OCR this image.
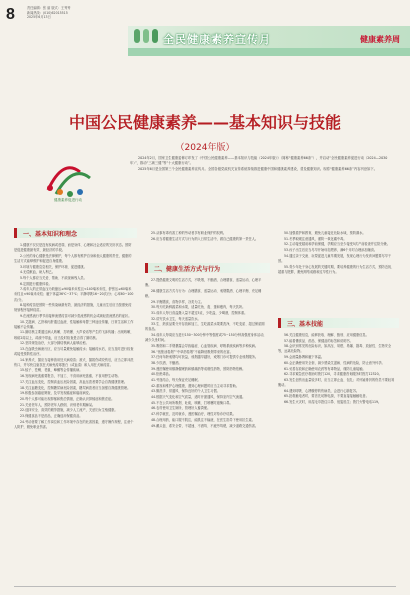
8	责任编辑：张 丽 版式：王秀秀
新闻热线：(010)62015515
2025年6月13日
全民健康素养宣传月	健康素养周
中国公民健康素养——基本知识与技能
（2024年版）
健康素养促进行动

2024年2月，国家卫生健康委修订印发了《中国公民健康素养——基本知识与技能（2024年版）》（简称“健康素养66条”），并启动“全民健康素养促进行动（2024—2030年）”，推动“三减三健”等“十大健康行动”。

2025年6月是全国第三个全民健康素养宣传月。全国各级党政机关宣传系统持续推进健康中国和健康素养建设，普及健康知识。现将“健康素养66条”内容刊登如下。

一、基本知识和理念

1.健康不仅仅是没有疾病或虚弱，而是身体、心理和社会适应的完好状态。预防是促进健康最有效、最经济的手段。

2.公民的身心健康受法律保护，每个人都有维护自身和他人健康的责任，健康的生活方式能够维护和促进自身健康。

3.环境与健康息息相关，保护环境、促进健康。

4.无偿献血，助人利己。

5.每个人都应当关爱、帮助、不歧视病残人员。

6.定期进行健康体检。

7.成年人的正常血压为收缩压≥90毫米汞柱且<140毫米汞柱，舒张压≥60毫米汞柱且<90毫米汞柱；腋下体温36℃~37℃；平静呼吸16~20次/分；心率60~100次/分。

8.接种疫苗是预防一些传染病最有效、最经济的措施，儿童出生后应当按照免疫规划程序接种疫苗。

9.在流感流行季节前接种流感疫苗可减少患流感的机会或减轻患流感后的症状。

10.艾滋病、乙肝和丙肝通过血液、性接触和母婴三种途径传播，日常生活和工作接触不会传播。

11.肺结核主要通过病人咳嗽、打喷嚏、大声说话等产生的飞沫传播；出现咳嗽、咳痰2周以上，或痰中带血，应当及时检查是否得了肺结核。

12.坚持规范治疗，大部分肺结核病人能够治愈。

13.在血吸虫病流行区，应当尽量避免接触疫水；接触疫水后，应当及时进行检查或接受预防性治疗。

14.家养犬、猫应当接种兽用狂犬病疫苗；被犬、猫抓伤或咬伤后，应当立即冲洗伤口，并尽快注射抗狂犬病免疫球蛋白（或血清）和人用狂犬病疫苗。

15.蚊子、苍蝇、老鼠、蟑螂等会传播疾病。

16.发现病死禽畜要报告，不加工、不食用病死禽畜，不食用野生动物。

17.关注血压变化，控制高血压危险因素，高血压患者要学会自我健康管理。

18.关注血糖变化，控制糖尿病危险因素，糖尿病患者应当加强自我健康管理。

19.积极参加癌症筛查，及早发现癌症和癌前病变。

20.每个人都可能出现抑郁和焦虑情绪，正确认识抑郁症和焦虑症。

21.关爱老年人，预防老年人跌倒，识别老年期痴呆。

22.选择安全、高效的避孕措施，减少人工流产，关爱妇女生殖健康。

23.保健食品不是药品，正确选用保健食品。

24.劳动者要了解工作岗位和工作环境中存在的危害因素，遵守操作规程，注意个人防护，避免职业伤害。

25.从事有毒有害工种的劳动者享有职业保护的权利。

26.应当将健康生活方式与行为纳入日常生活中，做自己健康的第一责任人。

二、健康生活方式与行为

27.提倡健康文明的生活方式，不吸烟，不酗酒，合理膳食，适量运动，心理平衡。

28.健康生活方式与行为：合理膳食、适量运动、戒烟限酒、心理平衡、充足睡眠。

29.平衡膳食，食物多样，谷类为主。

30.每天吃新鲜蔬菜和水果，适量吃鱼、禽、蛋和瘦肉，每天饮奶。

31.成年人每日食盐摄入量不超过5克，少吃盐，少喝酒，控制体重。

32.讲究饮水卫生，每天适量饮水。

33.生、熟食品要分开存放和加工，生吃蔬菜水果要洗净，不吃变质、超过保质期的食品。

34.成年人每周应当进行150~300分钟中等强度或75~150分钟高强度身体活动，减少久坐时间。

35.吸烟和二手烟暴露会导致癌症、心血管疾病、呼吸系统疾病等多种疾病。

36.“低焦油卷烟”“中草药卷烟”不能降低吸烟带来的危害。

37.任何年龄戒烟均可获益，戒烟越早越好，戒烟门诊可提供专业戒烟服务。

38.少饮酒，不酗酒。

39.遵医嘱使用镇静催眠药和镇痛药等成瘾性药物，预防药物依赖。

40.拒绝毒品。

41.劳逸结合，每天保证充足睡眠。

42.重视和维护心理健康，遇到心理问题时应当主动寻求帮助。

43.勤洗手、常通风、保持良好的个人卫生习惯。

44.根据天气变化和空气质量，适时开窗通风，保持室内空气流通。

45.不在公共场所吸烟、吐痰，咳嗽、打喷嚏时遮掩口鼻。

46.农村使用卫生厕所，管理好人畜粪便。

47.科学就医，及时就诊，遵医嘱治疗，理性对待诊疗结果。

48.合理用药，能口服不肌注，能肌注不输液，在医生指导下使用抗生素。

49.戴头盔、系安全带，不超速、不酒驾、不疲劳驾驶，减少道路交通伤害。

50.加强看护和教育，避免儿童接近危险水域，预防溺水。

51.冬季取暖注意通风，谨防一氧化碳中毒。

52.主动接受婚前和孕前保健，孕期应当至少接受5次产前检查并住院分娩。

53.孩子出生后应当尽早开始母乳喂养，满6个月时合理添加辅食。

54.通过亲子交流、玩耍促进儿童早期发展，发现心理行为发育问题要尽早干预。

55.青少年处于身心发展的关键时期，要培养健康的行为生活方式，预防近视、超重与肥胖，避免网络成瘾和过早性行为。

三、基本技能

56.关注健康信息，能够获取、理解、甄别、应用健康信息。

57.能看懂食品、药品、保健品的标签和说明书。

58.会识别常见的危险标识，如高压、易燃、易爆、剧毒、放射性、生物安全等，远离危险物。

59.会测量脉搏和腋下体温。

60.会正确使用安全套，减少感染艾滋病、性病的危险，防止意外怀孕。

61.妥善存放和正确使用农药等有毒物品，谨防儿童接触。

62.寻求紧急医疗救助时拨打120，寻求健康咨询服务时拨打12320。

63.发生创伤出血量较多时，应当立即止血、包扎；对怀疑骨折的伤员不要轻易搬动。

64.遇到呼吸、心搏骤停的伤病员，会进行心肺复苏。

65.抢救触电者时，要首先切断电源，不要直接接触触电者。

66.发生火灾时，用湿毛巾捂住口鼻、低姿逃生；拨打火警电话119。
